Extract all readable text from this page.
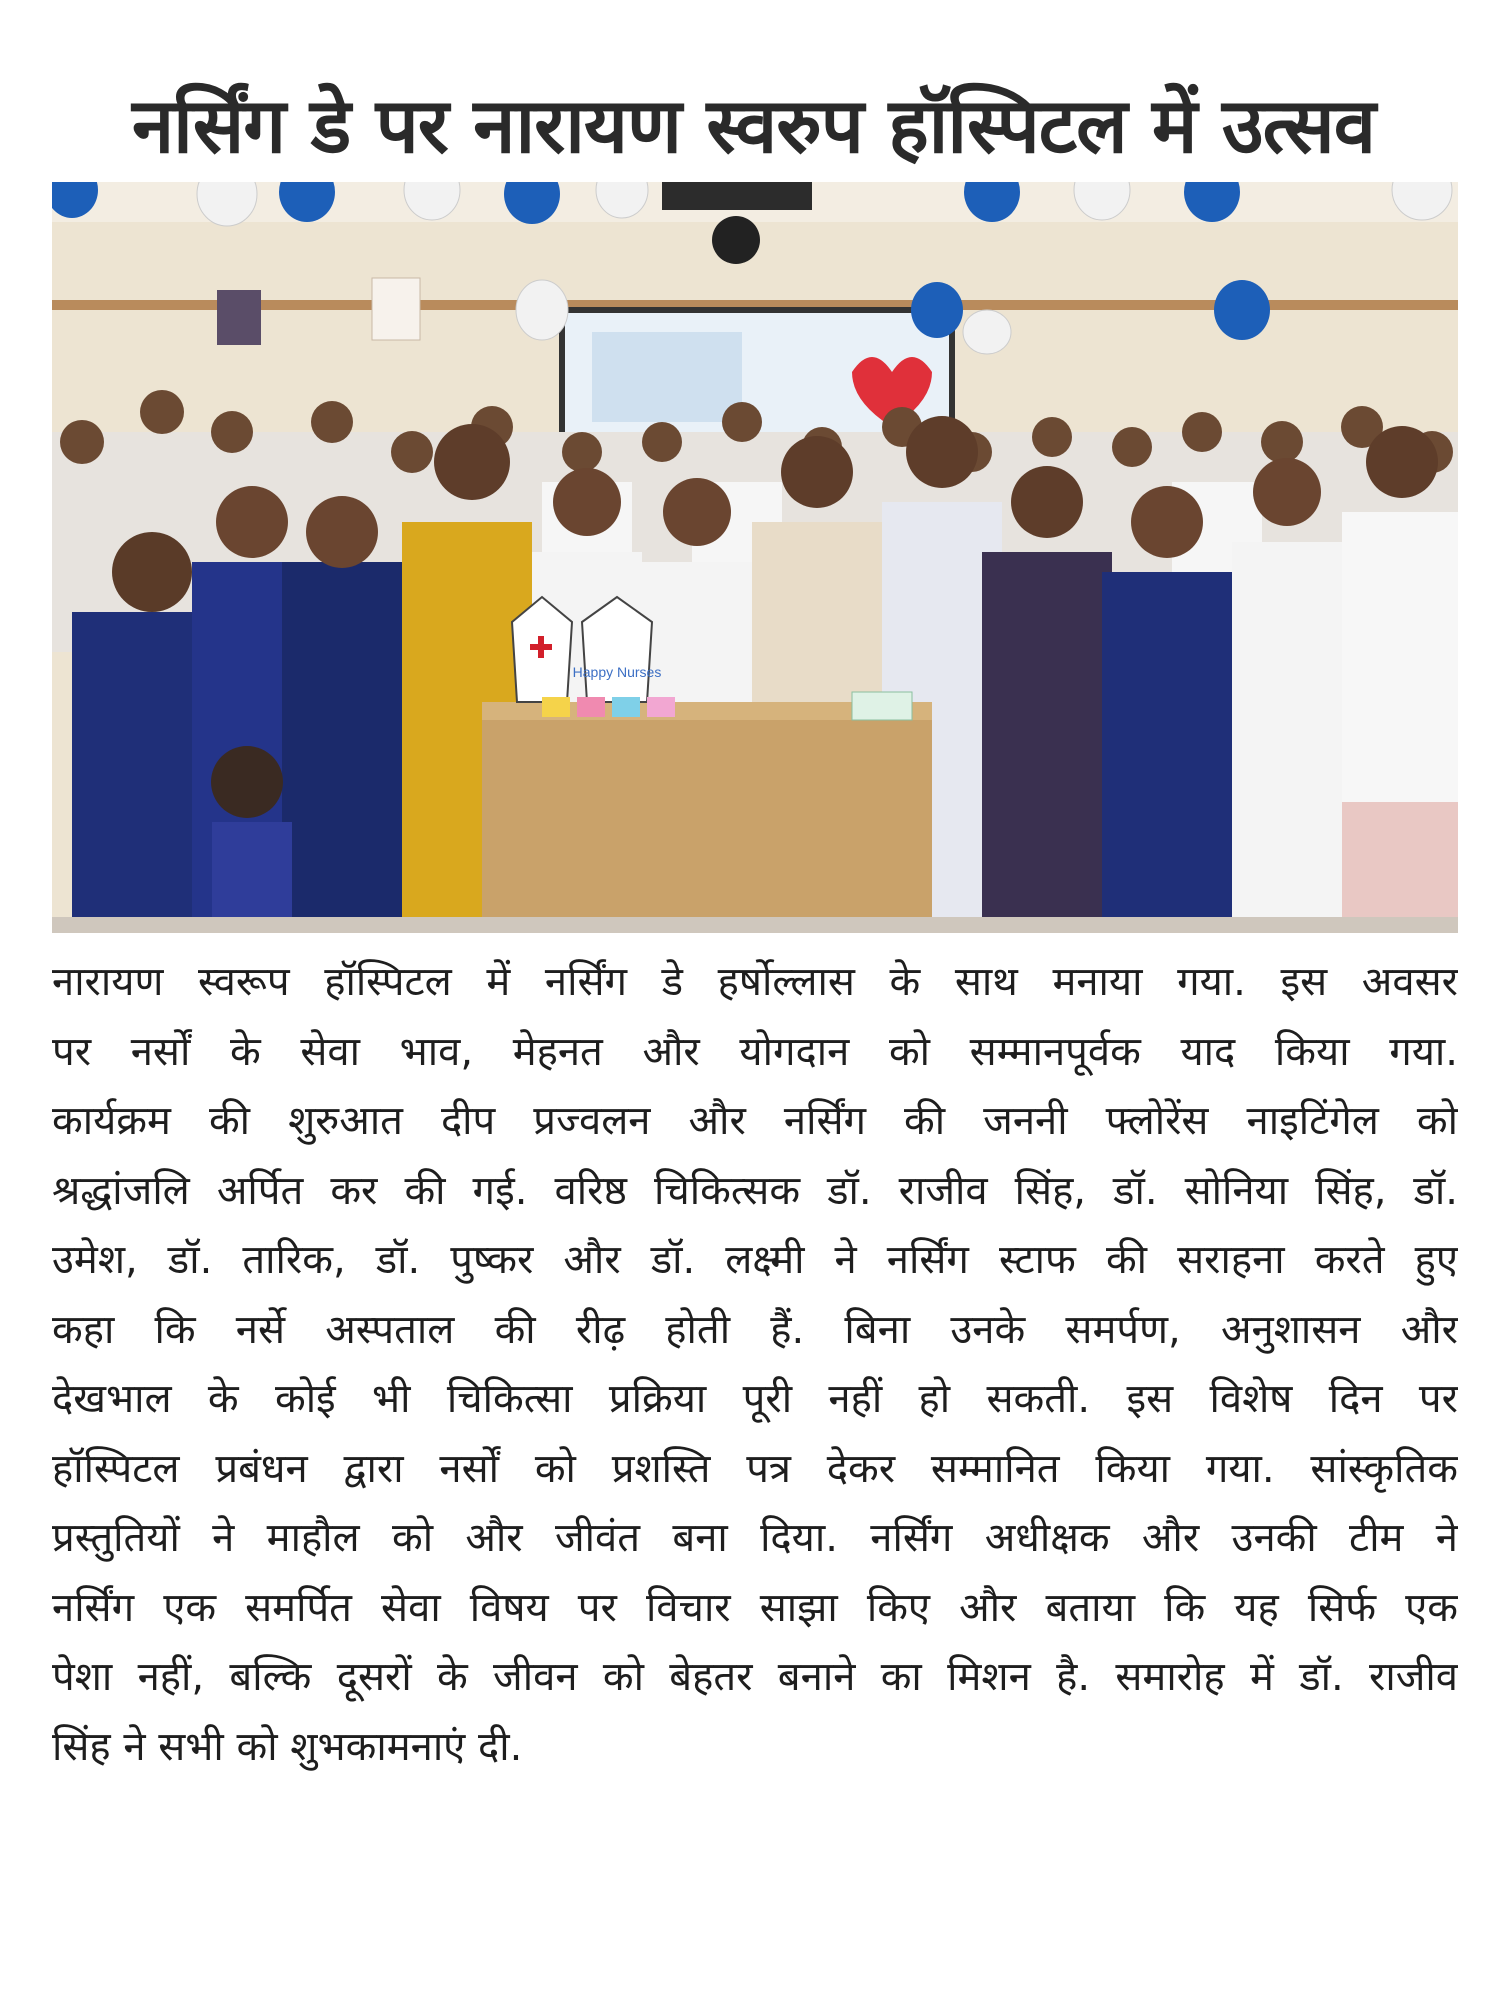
नर्सिंग डे पर नारायण स्वरुप हॉस्पिटल में उत्सव
Happy Nurses
नारायण स्वरूप हॉस्पिटल में नर्सिंग डे हर्षोल्लास के साथ मनाया गया. इस अवसर
पर नर्सों के सेवा भाव, मेहनत और योगदान को सम्मानपूर्वक याद किया गया.
कार्यक्रम की शुरुआत दीप प्रज्वलन और नर्सिंग की जननी फ्लोरेंस नाइटिंगेल को
श्रद्धांजलि अर्पित कर की गई. वरिष्ठ चिकित्सक डॉ. राजीव सिंह, डॉ. सोनिया सिंह, डॉ.
उमेश, डॉ. तारिक, डॉ. पुष्कर और डॉ. लक्ष्मी ने नर्सिंग स्टाफ की सराहना करते हुए
कहा कि नर्से अस्पताल की रीढ़ होती हैं. बिना उनके समर्पण, अनुशासन और
देखभाल के कोई भी चिकित्सा प्रक्रिया पूरी नहीं हो सकती. इस विशेष दिन पर
हॉस्पिटल प्रबंधन द्वारा नर्सों को प्रशस्ति पत्र देकर सम्मानित किया गया. सांस्कृतिक
प्रस्तुतियों ने माहौल को और जीवंत बना दिया. नर्सिंग अधीक्षक और उनकी टीम ने
नर्सिंग एक समर्पित सेवा विषय पर विचार साझा किए और बताया कि यह सिर्फ एक
पेशा नहीं, बल्कि दूसरों के जीवन को बेहतर बनाने का मिशन है. समारोह में डॉ. राजीव
सिंह ने सभी को शुभकामनाएं दी.
